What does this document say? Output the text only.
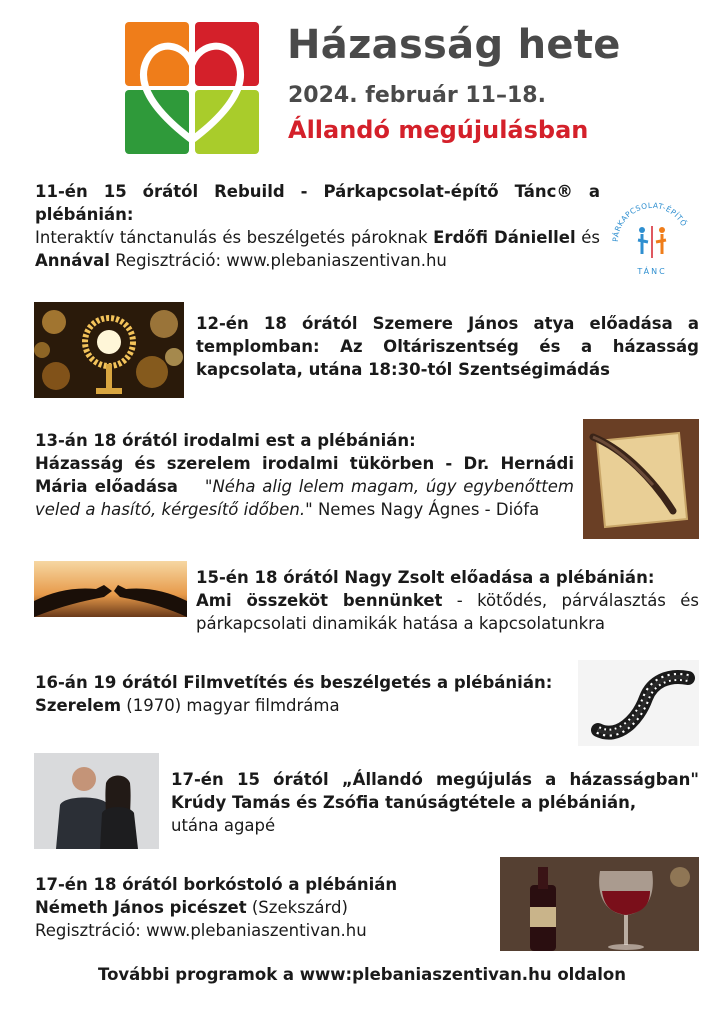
Házasság hete
2024. február 11–18.
Állandó megújulásban
11-én 15 órától Rebuild - Párkapcsolat-építő Tánc® a plébánián:
Interaktív tánctanulás és beszélgetés pároknak Erdőfi Dániellel és Annával Regisztráció: www.plebaniaszentivan.hu
PÁRKAPCSOLAT-ÉPÍTŐ
TÁNC
12-én 18 órától Szemere János atya előadása a templomban: Az Oltáriszentség és a házasság kapcsolata, utána 18:30-tól Szentségimádás
13-án 18 órától irodalmi est a plébánián:
Házasság és szerelem irodalmi tükörben - Dr. Hernádi Mária előadása "Néha alig lelem magam, úgy egybenőttem veled a hasító, kérgesítő időben." Nemes Nagy Ágnes - Diófa
15-én 18 órától Nagy Zsolt előadása a plébánián:
Ami összeköt bennünket - kötődés, párválasztás és párkapcsolati dinamikák hatása a kapcsolatunkra
16-án 19 órától Filmvetítés és beszélgetés a plébánián:
Szerelem (1970) magyar filmdráma
17-én 15 órától „Állandó megújulás a házasságban" Krúdy Tamás és Zsófia tanúságtétele a plébánián,
utána agapé
17-én 18 órától borkóstoló a plébánián
Németh János picészet (Szekszárd)
Regisztráció: www.plebaniaszentivan.hu
További programok a www:plebaniaszentivan.hu oldalon
